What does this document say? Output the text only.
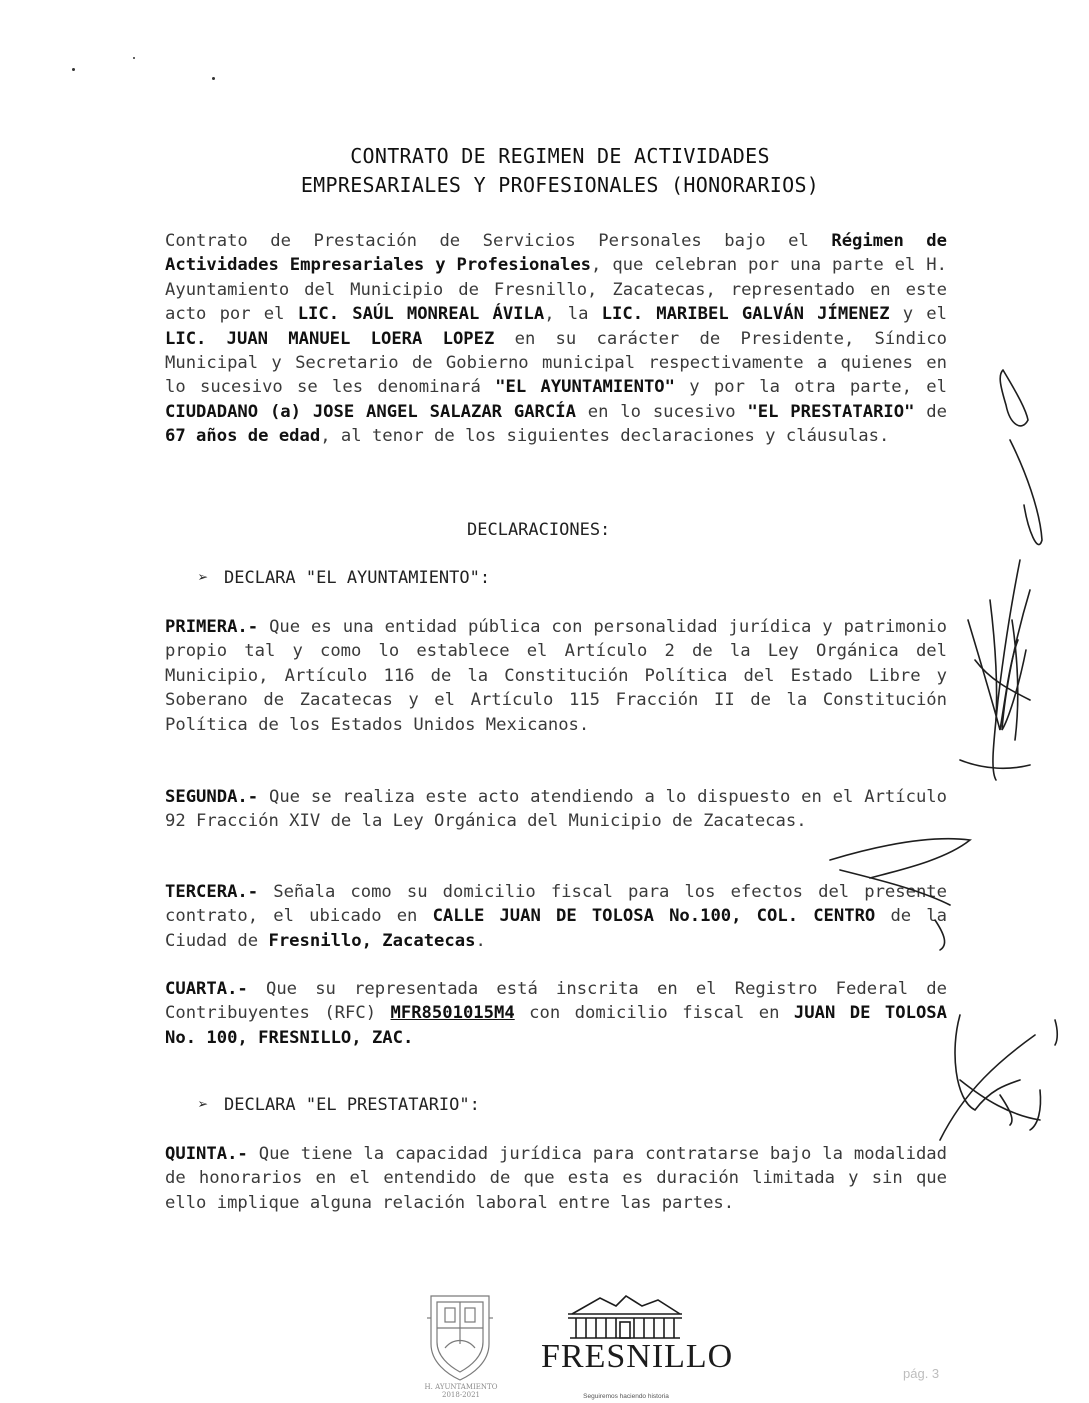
CONTRATO DE REGIMEN DE ACTIVIDADES
EMPRESARIALES Y PROFESIONALES (HONORARIOS)
Contrato de Prestación de Servicios Personales bajo el Régimen de Actividades Empresariales y Profesionales, que celebran por una parte el H. Ayuntamiento del Municipio de Fresnillo, Zacatecas, representado en este acto por el LIC. SAÚL MONREAL ÁVILA, la LIC. MARIBEL GALVÁN JÍMENEZ y el LIC. JUAN MANUEL LOERA LOPEZ en su carácter de Presidente, Síndico Municipal y Secretario de Gobierno municipal respectivamente a quienes en lo sucesivo se les denominará "EL AYUNTAMIENTO" y por la otra parte, el CIUDADANO (a) JOSE ANGEL SALAZAR GARCÍA en lo sucesivo "EL PRESTATARIO" de 67 años de edad, al tenor de los siguientes declaraciones y cláusulas.
DECLARACIONES:
➢ DECLARA "EL AYUNTAMIENTO":
PRIMERA.- Que es una entidad pública con personalidad jurídica y patrimonio propio tal y como lo establece el Artículo 2 de la Ley Orgánica del Municipio, Artículo 116 de la Constitución Política del Estado Libre y Soberano de Zacatecas y el Artículo 115 Fracción II de la Constitución Política de los Estados Unidos Mexicanos.
SEGUNDA.- Que se realiza este acto atendiendo a lo dispuesto en el Artículo 92 Fracción XIV de la Ley Orgánica del Municipio de Zacatecas.
TERCERA.- Señala como su domicilio fiscal para los efectos del presente contrato, el ubicado en CALLE JUAN DE TOLOSA No.100, COL. CENTRO de la Ciudad de Fresnillo, Zacatecas.
CUARTA.- Que su representada está inscrita en el Registro Federal de Contribuyentes (RFC) MFR8501015M4 con domicilio fiscal en JUAN DE TOLOSA No. 100, FRESNILLO, ZAC.
➢ DECLARA "EL PRESTATARIO":
QUINTA.- Que tiene la capacidad jurídica para contratarse bajo la modalidad de honorarios en el entendido de que esta es duración limitada y sin que ello implique alguna relación laboral entre las partes.
H. AYUNTAMIENTO 2018-2021
FRESNILLO
Seguiremos haciendo historia
pág. 3
